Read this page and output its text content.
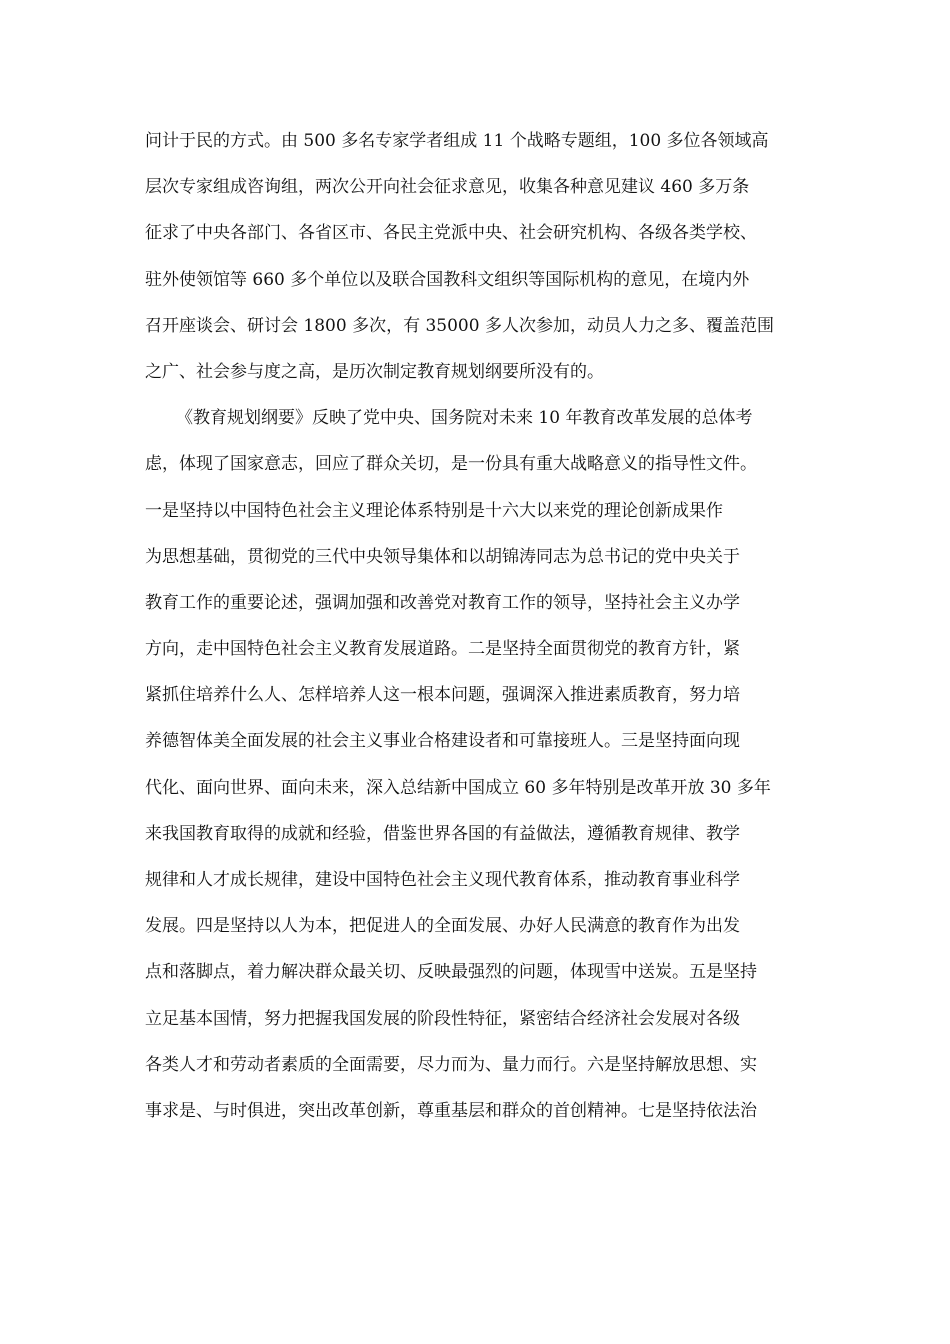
问计于民的方式。由 500 多名专家学者组成 11 个战略专题组，100 多位各领域高
层次专家组成咨询组，两次公开向社会征求意见，收集各种意见建议 460 多万条
征求了中央各部门、各省区市、各民主党派中央、社会研究机构、各级各类学校、
驻外使领馆等 660 多个单位以及联合国教科文组织等国际机构的意见，在境内外
召开座谈会、研讨会 1800 多次，有 35000 多人次参加，动员人力之多、覆盖范围
之广、社会参与度之高，是历次制定教育规划纲要所没有的。
《教育规划纲要》反映了党中央、国务院对未来 10 年教育改革发展的总体考
虑，体现了国家意志，回应了群众关切，是一份具有重大战略意义的指导性文件。
一是坚持以中国特色社会主义理论体系特别是十六大以来党的理论创新成果作
为思想基础，贯彻党的三代中央领导集体和以胡锦涛同志为总书记的党中央关于
教育工作的重要论述，强调加强和改善党对教育工作的领导，坚持社会主义办学
方向，走中国特色社会主义教育发展道路。二是坚持全面贯彻党的教育方针，紧
紧抓住培养什么人、怎样培养人这一根本问题，强调深入推进素质教育，努力培
养德智体美全面发展的社会主义事业合格建设者和可靠接班人。三是坚持面向现
代化、面向世界、面向未来，深入总结新中国成立 60 多年特别是改革开放 30 多年
来我国教育取得的成就和经验，借鉴世界各国的有益做法，遵循教育规律、教学
规律和人才成长规律，建设中国特色社会主义现代教育体系，推动教育事业科学
发展。四是坚持以人为本，把促进人的全面发展、办好人民满意的教育作为出发
点和落脚点，着力解决群众最关切、反映最强烈的问题，体现雪中送炭。五是坚持
立足基本国情，努力把握我国发展的阶段性特征，紧密结合经济社会发展对各级
各类人才和劳动者素质的全面需要，尽力而为、量力而行。六是坚持解放思想、实
事求是、与时俱进，突出改革创新，尊重基层和群众的首创精神。七是坚持依法治
